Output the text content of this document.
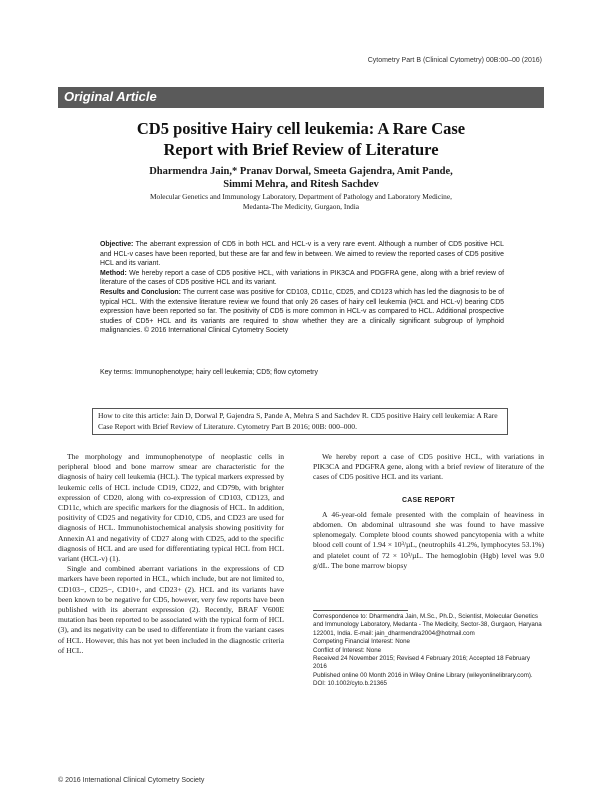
Cytometry Part B (Clinical Cytometry) 00B:00–00 (2016)
Original Article
CD5 positive Hairy cell leukemia: A Rare Case
Report with Brief Review of Literature
Dharmendra Jain,* Pranav Dorwal, Smeeta Gajendra, Amit Pande,
Simmi Mehra, and Ritesh Sachdev
Molecular Genetics and Immunology Laboratory, Department of Pathology and Laboratory Medicine,
Medanta-The Medicity, Gurgaon, India

Objective: The aberrant expression of CD5 in both HCL and HCL-v is a very rare event. Although a number of CD5 positive HCL and HCL-v cases have been reported, but these are far and few in between. We aimed to review the reported cases of CD5 positive HCL and its variant.

Method: We hereby report a case of CD5 positive HCL, with variations in PIK3CA and PDGFRA gene, along with a brief review of literature of the cases of CD5 positive HCL and its variant.

Results and Conclusion: The current case was positive for CD103, CD11c, CD25, and CD123 which has led the diagnosis to be of typical HCL. With the extensive literature review we found that only 26 cases of hairy cell leukemia (HCL and HCL-v) bearing CD5 expression have been reported so far. The positivity of CD5 is more common in HCL-v as compared to HCL. Additional prospective studies of CD5+ HCL and its variants are required to show whether they are a clinically significant subgroup of lymphoid malignancies. © 2016 International Clinical Cytometry Society

Key terms: Immunophenotype; hairy cell leukemia; CD5; flow cytometry
How to cite this article: Jain D, Dorwal P, Gajendra S, Pande A, Mehra S and Sachdev R. CD5 positive Hairy cell leukemia: A Rare Case Report with Brief Review of Literature. Cytometry Part B 2016; 00B: 000–000.

The morphology and immunophenotype of neoplastic cells in peripheral blood and bone marrow smear are characteristic for the diagnosis of hairy cell leukemia (HCL). The typical markers expressed by leukemic cells of HCL include CD19, CD22, and CD79b, with brighter expression of CD20, along with co-expression of CD103, CD123, and CD11c, which are specific markers for the diagnosis of HCL. In addition, positivity of CD25 and negativity for CD10, CD5, and CD23 are used for diagnosis of HCL. Immunohistochemical analysis showing positivity for Annexin A1 and negativity of CD27 along with CD25, add to the specific diagnosis of HCL and are used for differentiating typical HCL from HCL variant (HCL-v) (1).

Single and combined aberrant variations in the expressions of CD markers have been reported in HCL, which include, but are not limited to, CD103−, CD25−, CD10+, and CD23+ (2). HCL and its variants have been known to be negative for CD5, however, very few reports have been published with its aberrant expression (2). Recently, BRAF V600E mutation has been reported to be associated with the typical form of HCL (3), and its negativity can be used to differentiate it from the variant cases of HCL. However, this has not yet been included in the diagnostic criteria of HCL.

We hereby report a case of CD5 positive HCL, with variations in PIK3CA and PDGFRA gene, along with a brief review of literature of the cases of CD5 positive HCL and its variant.

CASE REPORT

A 46-year-old female presented with the complain of heaviness in abdomen. On abdominal ultrasound she was found to have massive splenomegaly. Complete blood counts showed pancytopenia with a white blood cell count of 1.94 × 10³/µL, (neutrophils 41.2%, lymphocytes 53.1%) and platelet count of 72 × 10³/µL. The hemoglobin (Hgb) level was 9.0 g/dL. The bone marrow biopsy

Correspondence to: Dharmendra Jain, M.Sc., Ph.D., Scientist, Molecular Genetics and Immunology Laboratory, Medanta - The Medicity, Sector-38, Gurgaon, Haryana 122001, India. E-mail: jain_dharmendra2004@hotmail.com
Competing Financial Interest: None
Conflict of Interest: None
Received 24 November 2015; Revised 4 February 2016; Accepted 18 February 2016
Published online 00 Month 2016 in Wiley Online Library (wileyonlinelibrary.com).
DOI: 10.1002/cyto.b.21365
© 2016 International Clinical Cytometry Society
